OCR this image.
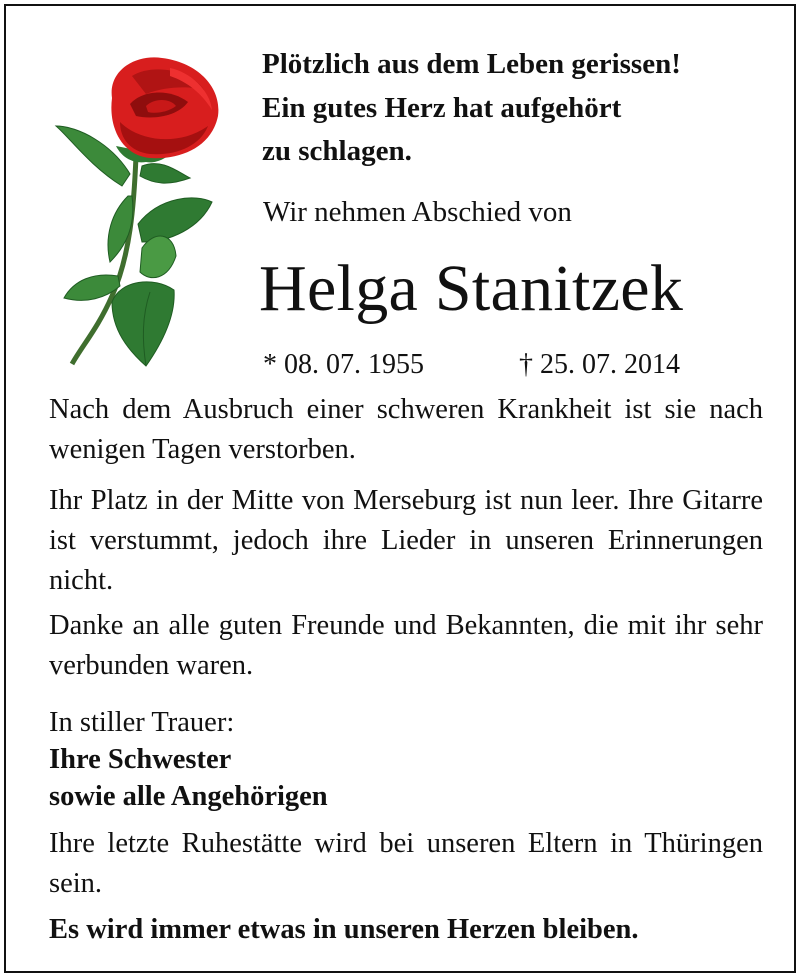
Plötzlich aus dem Leben gerissen!
Ein gutes Herz hat aufgehört
zu schlagen.
Wir nehmen Abschied von
Helga Stanitzek
* 08. 07. 1955	† 25. 07. 2014
Nach dem Ausbruch einer schweren Krankheit ist sie nach wenigen Tagen verstorben.
Ihr Platz in der Mitte von Merseburg ist nun leer. Ihre Gitarre ist verstummt, jedoch ihre Lieder in unseren Erinnerungen nicht.
Danke an alle guten Freunde und Bekannten, die mit ihr sehr verbunden waren.
In stiller Trauer:
Ihre Schwester
sowie alle Angehörigen
Ihre letzte Ruhestätte wird bei unseren Eltern in Thüringen sein.
Es wird immer etwas in unseren Herzen bleiben.
